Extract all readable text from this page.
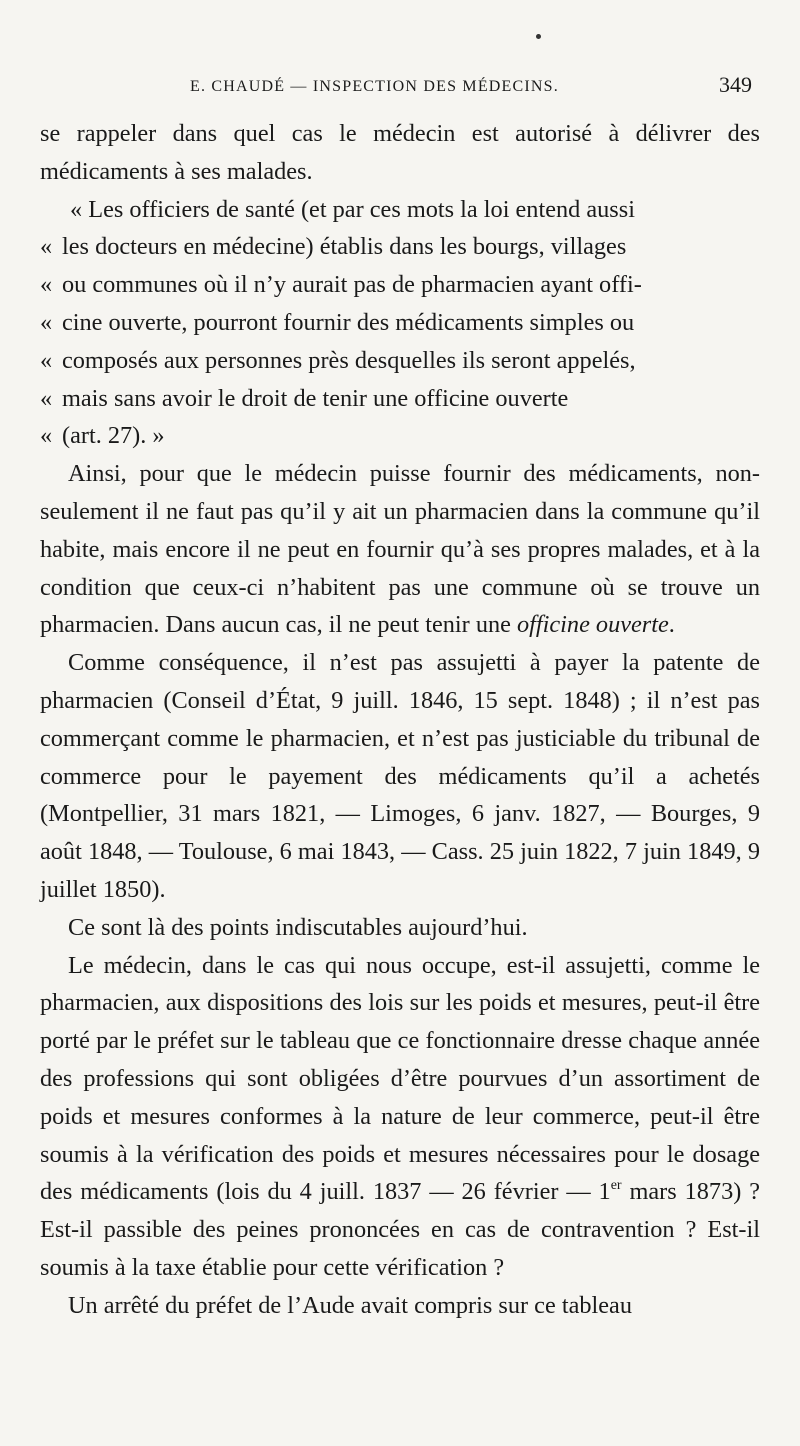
E. CHAUDÉ — INSPECTION DES MÉDECINS.	349

se rappeler dans quel cas le médecin est autorisé à délivrer des médicaments à ses malades.

« Les officiers de santé (et par ces mots la loi entend aussi
« les docteurs en médecine) établis dans les bourgs, villages
« ou communes où il n’y aurait pas de pharmacien ayant offi-
« cine ouverte, pourront fournir des médicaments simples ou
« composés aux personnes près desquelles ils seront appelés,
« mais sans avoir le droit de tenir une officine ouverte
« (art. 27). »

Ainsi, pour que le médecin puisse fournir des médicaments, non-seulement il ne faut pas qu’il y ait un pharmacien dans la commune qu’il habite, mais encore il ne peut en fournir qu’à ses propres malades, et à la condition que ceux-ci n’habitent pas une commune où se trouve un pharmacien. Dans aucun cas, il ne peut tenir une officine ouverte.

Comme conséquence, il n’est pas assujetti à payer la patente de pharmacien (Conseil d’État, 9 juill. 1846, 15 sept. 1848) ; il n’est pas commerçant comme le pharmacien, et n’est pas justiciable du tribunal de commerce pour le payement des médicaments qu’il a achetés (Montpellier, 31 mars 1821, — Limoges, 6 janv. 1827, — Bourges, 9 août 1848, — Toulouse, 6 mai 1843, — Cass. 25 juin 1822, 7 juin 1849, 9 juillet 1850).

Ce sont là des points indiscutables aujourd’hui.

Le médecin, dans le cas qui nous occupe, est-il assujetti, comme le pharmacien, aux dispositions des lois sur les poids et mesures, peut-il être porté par le préfet sur le tableau que ce fonctionnaire dresse chaque année des professions qui sont obligées d’être pourvues d’un assortiment de poids et mesures conformes à la nature de leur commerce, peut-il être soumis à la vérification des poids et mesures nécessaires pour le dosage des médicaments (lois du 4 juill. 1837 — 26 février — 1er mars 1873) ? Est-il passible des peines prononcées en cas de contravention ? Est-il soumis à la taxe établie pour cette vérification ?

Un arrêté du préfet de l’Aude avait compris sur ce tableau
